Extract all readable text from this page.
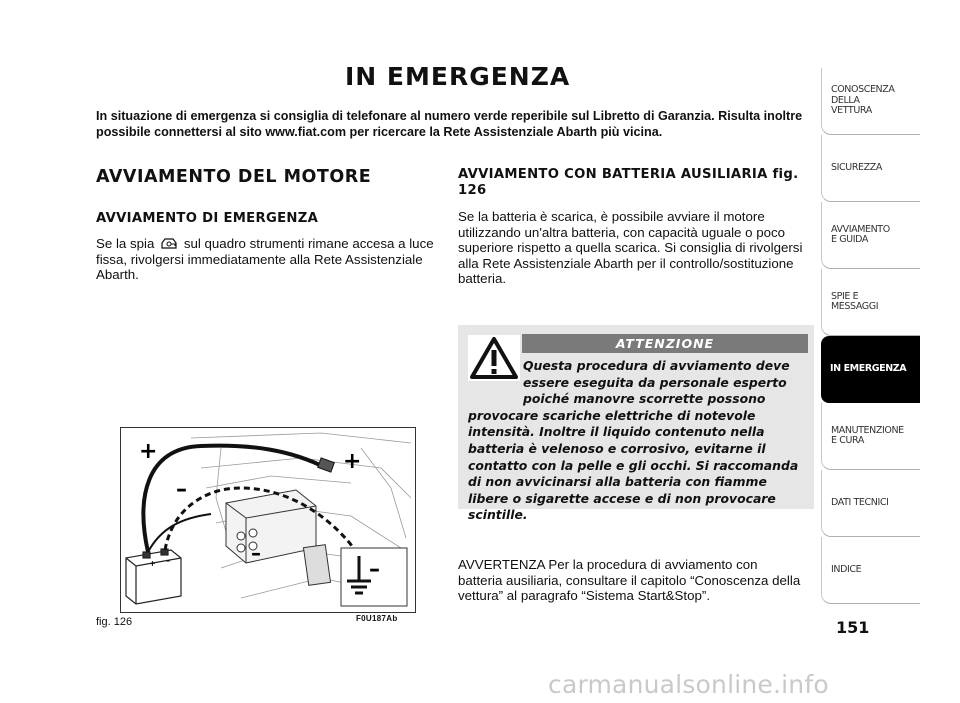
IN EMERGENZA
In situazione di emergenza si consiglia di telefonare al numero verde reperibile sul Libretto di Garanzia. Risulta inoltre possibile connettersi al sito www.fiat.com per ricercare la Rete Assistenziale Abarth più vicina.
AVVIAMENTO DEL MOTORE
AVVIAMENTO DI EMERGENZA
Se la spia sul quadro strumenti rimane accesa a luce fissa, rivolgersi immediatamente alla Rete Assistenziale Abarth.
+ –
+	+
–
–
–
fig. 126	F0U187Ab
AVVIAMENTO CON BATTERIA AUSILIARIA fig. 126
Se la batteria è scarica, è possibile avviare il motore utilizzando un'altra batteria, con capacità uguale o poco superiore rispetto a quella scarica. Si consiglia di rivolgersi alla Rete Assistenziale Abarth per il controllo/sostituzione batteria.
ATTENZIONE
Questa procedura di avviamento deve essere eseguita da personale esperto poiché manovre scorrette possono provocare scariche elettriche di notevole intensità. Inoltre il liquido contenuto nella batteria è velenoso e corrosivo, evitarne il contatto con la pelle e gli occhi. Si raccomanda di non avvicinarsi alla batteria con fiamme libere o sigarette accese e di non provocare scintille.
AVVERTENZA Per la procedura di avviamento con batteria ausiliaria, consultare il capitolo “Conoscenza della vettura” al paragrafo “Sistema Start&Stop”.
CONOSCENZA
DELLA
VETTURA
SICUREZZA
AVVIAMENTO
E GUIDA
SPIE E
MESSAGGI
IN EMERGENZA
MANUTENZIONE
E CURA
DATI TECNICI
INDICE
151
carmanualsonline.info
